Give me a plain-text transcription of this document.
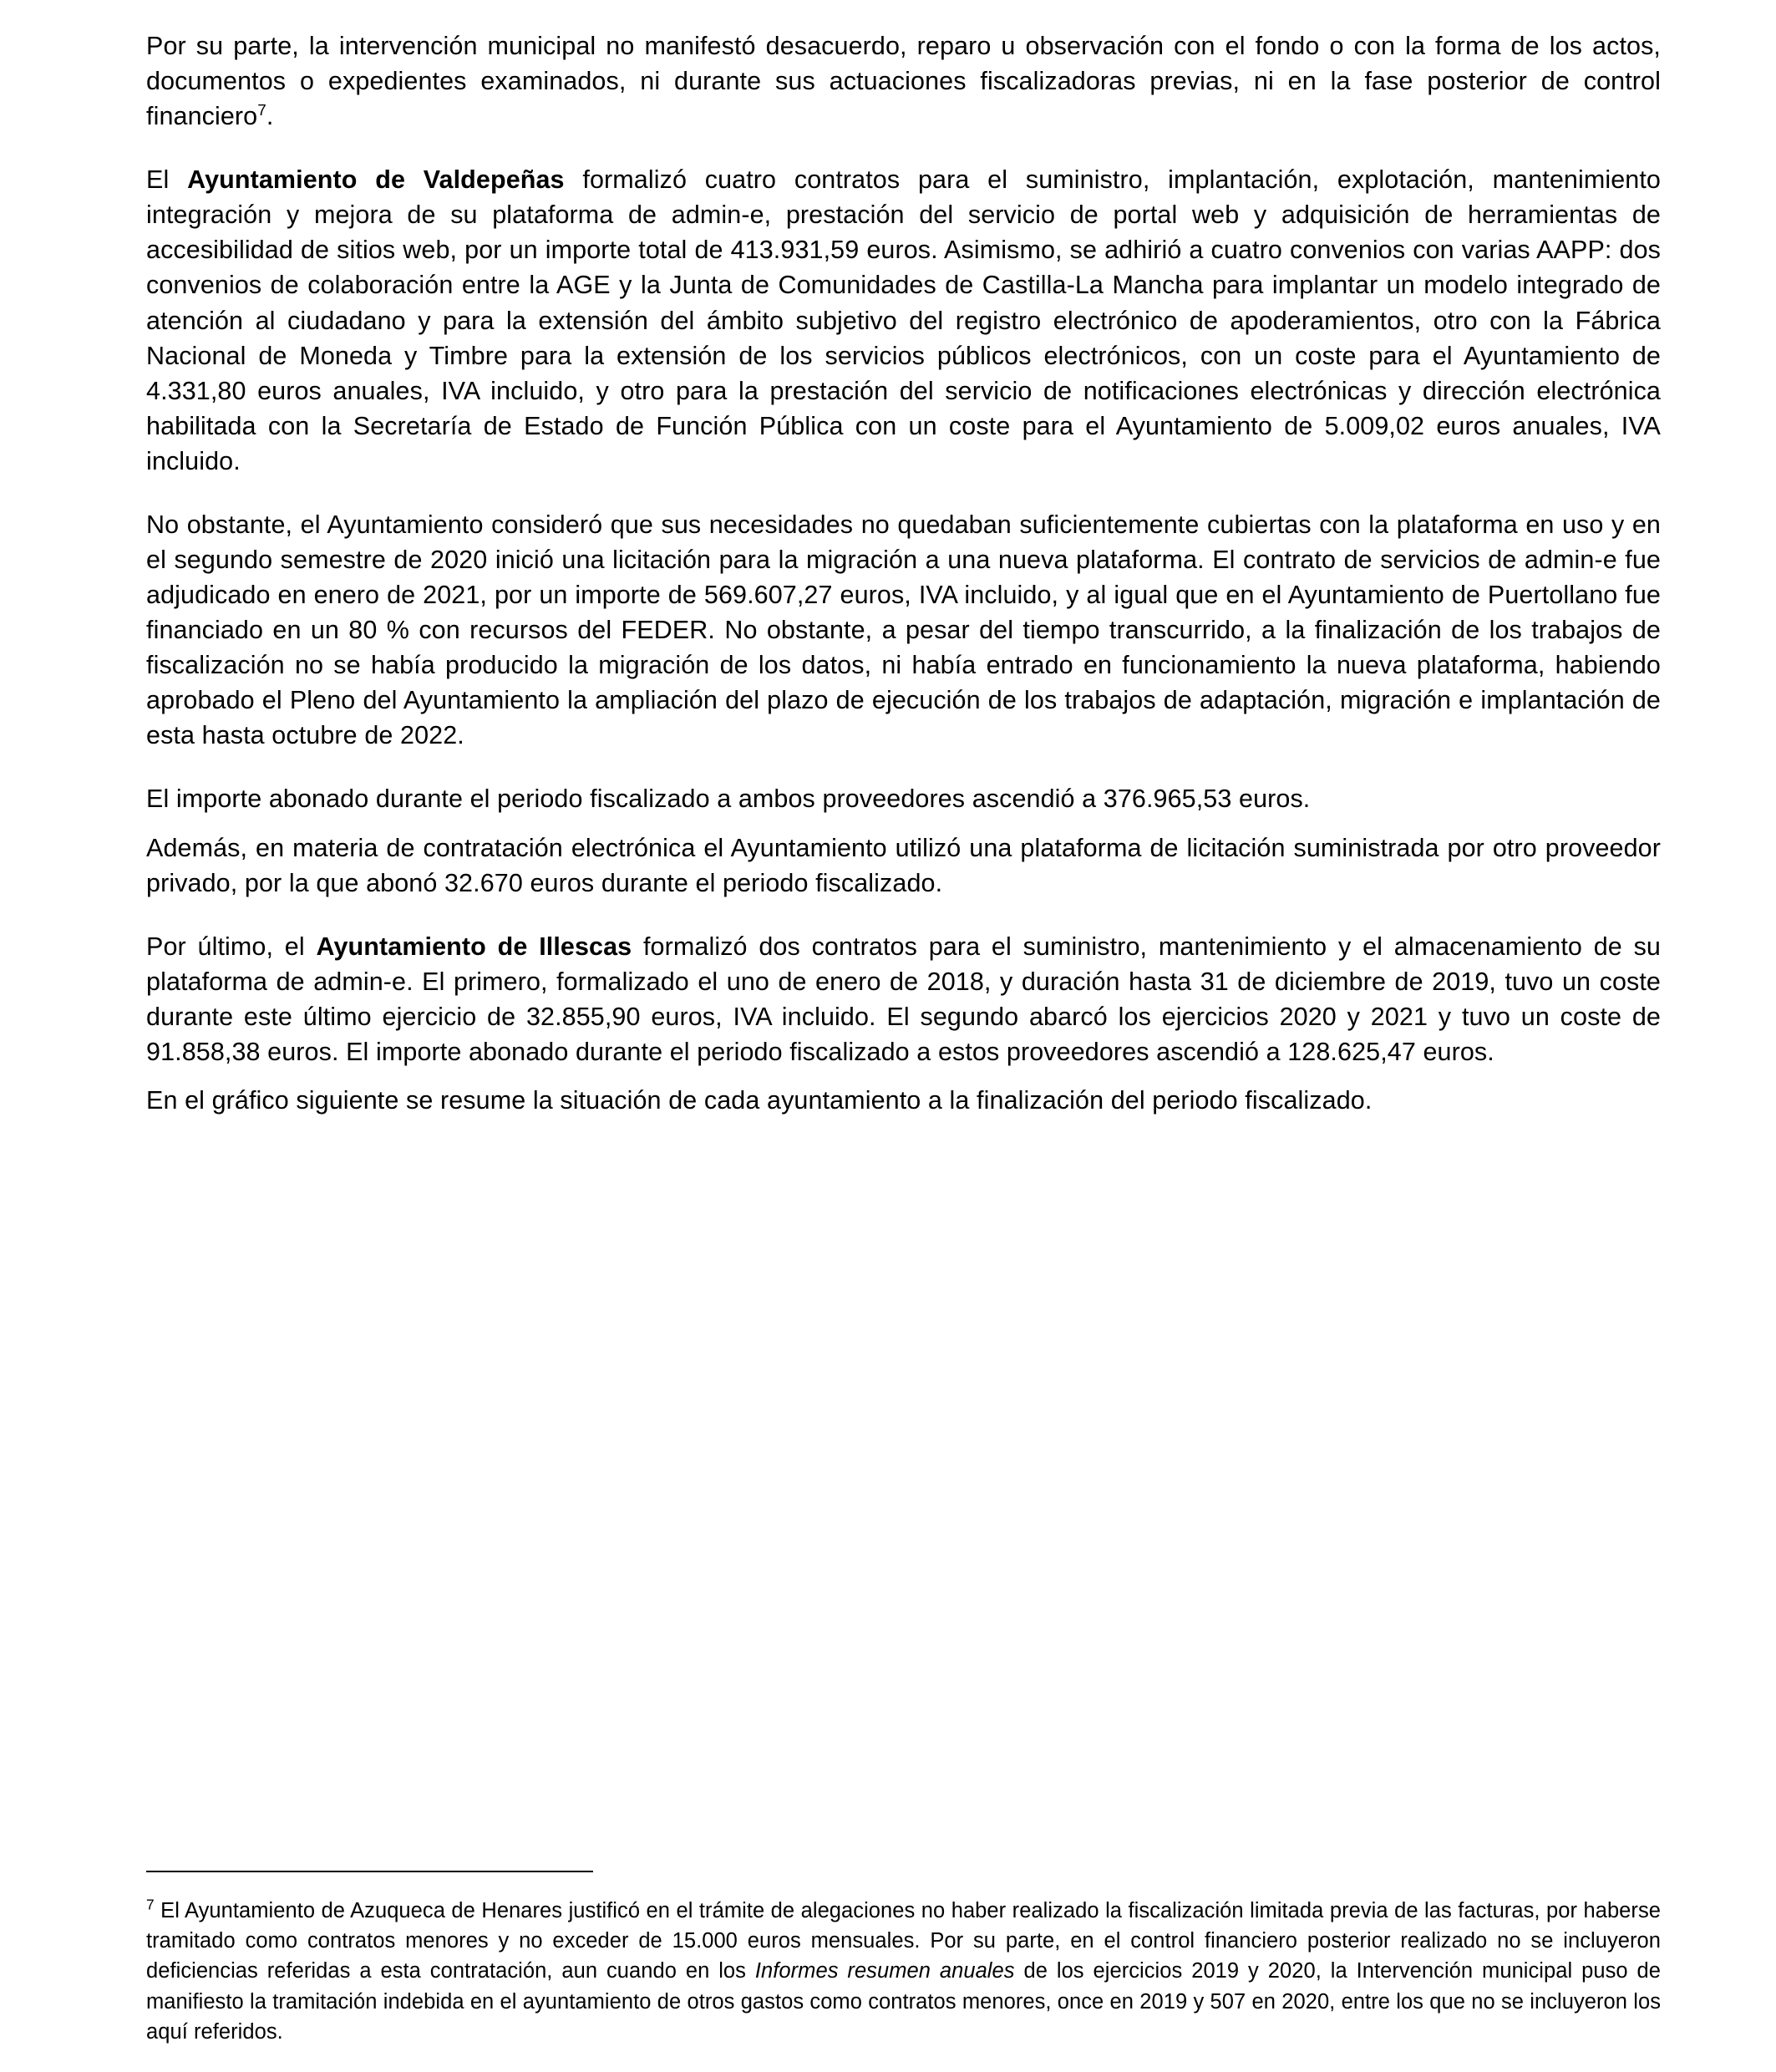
Por su parte, la intervención municipal no manifestó desacuerdo, reparo u observación con el fondo o con la forma de los actos, documentos o expedientes examinados, ni durante sus actuaciones fiscalizadoras previas, ni en la fase posterior de control financiero$^7$.

El Ayuntamiento de Valdepeñas formalizó cuatro contratos para el suministro, implantación, explotación, mantenimiento integración y mejora de su plataforma de admin-e, prestación del servicio de portal web y adquisición de herramientas de accesibilidad de sitios web, por un importe total de 413.931,59 euros. Asimismo, se adhirió a cuatro convenios con varias AAPP: dos convenios de colaboración entre la AGE y la Junta de Comunidades de Castilla-La Mancha para implantar un modelo integrado de atención al ciudadano y para la extensión del ámbito subjetivo del registro electrónico de apoderamientos, otro con la Fábrica Nacional de Moneda y Timbre para la extensión de los servicios públicos electrónicos, con un coste para el Ayuntamiento de 4.331,80 euros anuales, IVA incluido, y otro para la prestación del servicio de notificaciones electrónicas y dirección electrónica habilitada con la Secretaría de Estado de Función Pública con un coste para el Ayuntamiento de 5.009,02 euros anuales, IVA incluido.

No obstante, el Ayuntamiento consideró que sus necesidades no quedaban suficientemente cubiertas con la plataforma en uso y en el segundo semestre de 2020 inició una licitación para la migración a una nueva plataforma. El contrato de servicios de admin-e fue adjudicado en enero de 2021, por un importe de 569.607,27 euros, IVA incluido, y al igual que en el Ayuntamiento de Puertollano fue financiado en un 80 % con recursos del FEDER. No obstante, a pesar del tiempo transcurrido, a la finalización de los trabajos de fiscalización no se había producido la migración de los datos, ni había entrado en funcionamiento la nueva plataforma, habiendo aprobado el Pleno del Ayuntamiento la ampliación del plazo de ejecución de los trabajos de adaptación, migración e implantación de esta hasta octubre de 2022.

El importe abonado durante el periodo fiscalizado a ambos proveedores ascendió a 376.965,53 euros.

Además, en materia de contratación electrónica el Ayuntamiento utilizó una plataforma de licitación suministrada por otro proveedor privado, por la que abonó 32.670 euros durante el periodo fiscalizado.

Por último, el Ayuntamiento de Illescas formalizó dos contratos para el suministro, mantenimiento y el almacenamiento de su plataforma de admin-e. El primero, formalizado el uno de enero de 2018, y duración hasta 31 de diciembre de 2019, tuvo un coste durante este último ejercicio de 32.855,90 euros, IVA incluido. El segundo abarcó los ejercicios 2020 y 2021 y tuvo un coste de 91.858,38 euros. El importe abonado durante el periodo fiscalizado a estos proveedores ascendió a 128.625,47 euros.

En el gráfico siguiente se resume la situación de cada ayuntamiento a la finalización del periodo fiscalizado.

$^7$ El Ayuntamiento de Azuqueca de Henares justificó en el trámite de alegaciones no haber realizado la fiscalización limitada previa de las facturas, por haberse tramitado como contratos menores y no exceder de 15.000 euros mensuales. Por su parte, en el control financiero posterior realizado no se incluyeron deficiencias referidas a esta contratación, aun cuando en los Informes resumen anuales de los ejercicios 2019 y 2020, la Intervención municipal puso de manifiesto la tramitación indebida en el ayuntamiento de otros gastos como contratos menores, once en 2019 y 507 en 2020, entre los que no se incluyeron los aquí referidos.
